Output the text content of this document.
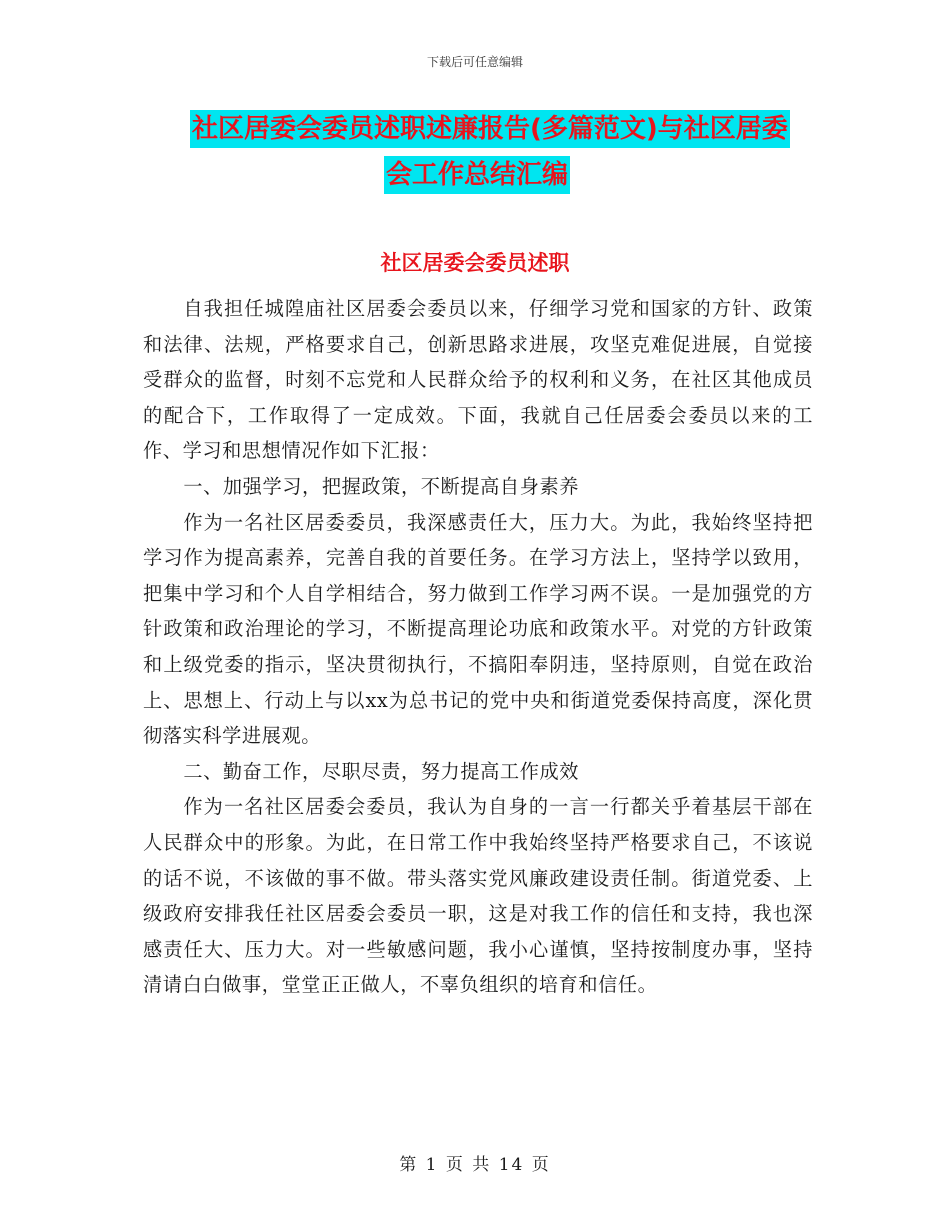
下载后可任意编辑
社区居委会委员述职述廉报告(多篇范文)与社区居委
会工作总结汇编
社区居委会委员述职

自我担任城隍庙社区居委会委员以来，仔细学习党和国家的方针、政策和法律、法规，严格要求自己，创新思路求进展，攻坚克难促进展，自觉接受群众的监督，时刻不忘党和人民群众给予的权利和义务，在社区其他成员的配合下，工作取得了一定成效。下面，我就自己任居委会委员以来的工作、学习和思想情况作如下汇报：

一、加强学习，把握政策，不断提高自身素养

作为一名社区居委委员，我深感责任大，压力大。为此，我始终坚持把学习作为提高素养，完善自我的首要任务。在学习方法上，坚持学以致用，把集中学习和个人自学相结合，努力做到工作学习两不误。一是加强党的方针政策和政治理论的学习，不断提高理论功底和政策水平。对党的方针政策和上级党委的指示，坚决贯彻执行，不搞阳奉阴违，坚持原则，自觉在政治上、思想上、行动上与以xx为总书记的党中央和街道党委保持高度，深化贯彻落实科学进展观。

二、勤奋工作，尽职尽责，努力提高工作成效

作为一名社区居委会委员，我认为自身的一言一行都关乎着基层干部在人民群众中的形象。为此，在日常工作中我始终坚持严格要求自己，不该说的话不说，不该做的事不做。带头落实党风廉政建设责任制。街道党委、上级政府安排我任社区居委会委员一职，这是对我工作的信任和支持，我也深感责任大、压力大。对一些敏感问题，我小心谨慎，坚持按制度办事，坚持清请白白做事，堂堂正正做人，不辜负组织的培育和信任。

第 1 页 共 14 页
